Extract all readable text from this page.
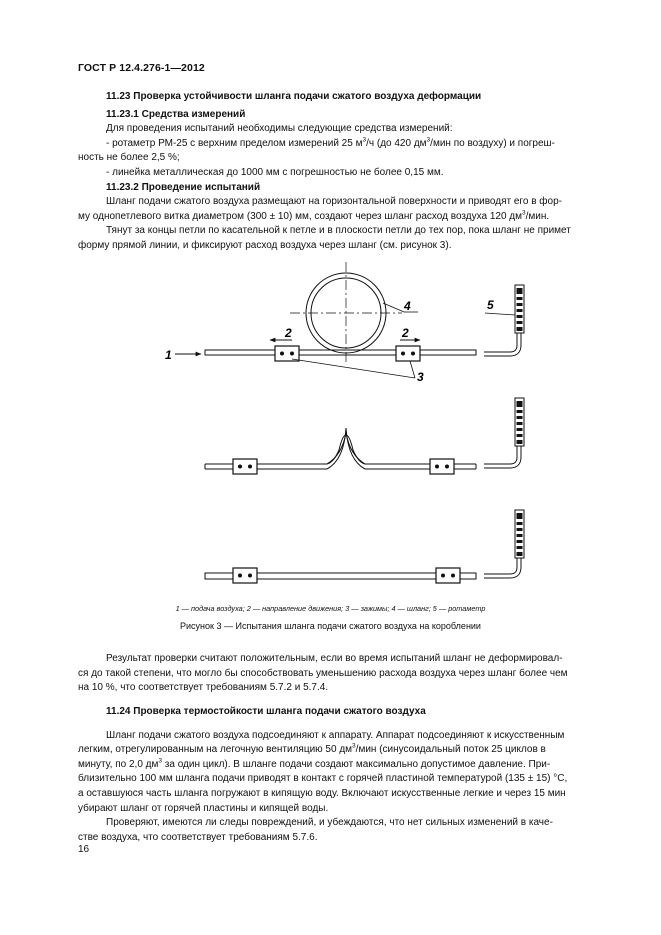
ГОСТ Р 12.4.276-1—2012

11.23 Проверка устойчивости шланга подачи сжатого воздуха деформации

11.23.1 Средства измерений

Для проведения испытаний необходимы следующие средства измерений:

- ротаметр РМ-25 с верхним пределом измерений 25 $м^3/ч$ (до 420 $дм^3$/мин по воздуху) и погреш-

ность не более 2,5 %;

- линейка металлическая до 1000 мм с погрешностью не более 0,15 мм.

11.23.2 Проведение испытаний

Шланг подачи сжатого воздуха размещают на горизонтальной поверхности и приводят его в фор-

му однопетлевого витка диаметром (300 ± 10) мм, создают через шланг расход воздуха 120 $дм^3$/мин.

Тянут за концы петли по касательной к петле и в плоскости петли до тех пор, пока шланг не примет

форму прямой линии, и фиксируют расход воздуха через шланг (см. рисунок 3).

2	2
1
4
3
5
1 — подача воздуха; 2 — направление движения; 3 — зажимы; 4 — шланг; 5 — ротаметр
Рисунок 3 — Испытания шланга подачи сжатого воздуха на короблении

Результат проверки считают положительным, если во время испытаний шланг не деформировал-

ся до такой степени, что могло бы способствовать уменьшению расхода воздуха через шланг более чем

на 10 %, что соответствует требованиям 5.7.2 и 5.7.4.

11.24 Проверка термостойкости шланга подачи сжатого воздуха

Шланг подачи сжатого воздуха подсоединяют к аппарату. Аппарат подсоединяют к искусственным

легким, отрегулированным на легочную вентиляцию 50 $дм^3$/мин (синусоидальный поток 25 циклов в

минуту, по 2,0 $дм^3$ за один цикл). В шланге подачи создают максимально допустимое давление. При-

близительно 100 мм шланга подачи приводят в контакт с горячей пластиной температурой (135 ± 15) °С,

а оставшуюся часть шланга погружают в кипящую воду. Включают искусственные легкие и через 15 мин

убирают шланг от горячей пластины и кипящей воды.

Проверяют, имеются ли следы повреждений, и убеждаются, что нет сильных изменений в каче-

стве воздуха, что соответствует требованиям 5.7.6.

16
